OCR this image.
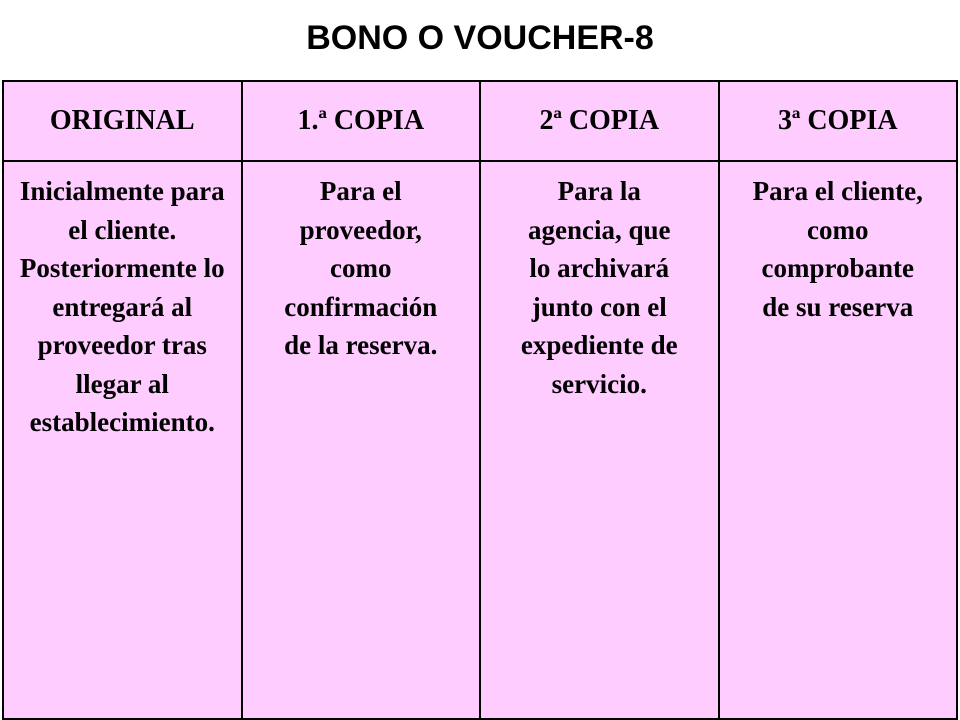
BONO O VOUCHER-8
ORIGINAL	1.ª COPIA	2ª COPIA	3ª COPIA

Inicialmente para el cliente. Posteriormente lo entregará al proveedor tras llegar al establecimiento.	Para el proveedor, como confirmación de la reserva.	Para la agencia, que lo archivará junto con el expediente de servicio.	Para el cliente, como comprobante de su reserva
